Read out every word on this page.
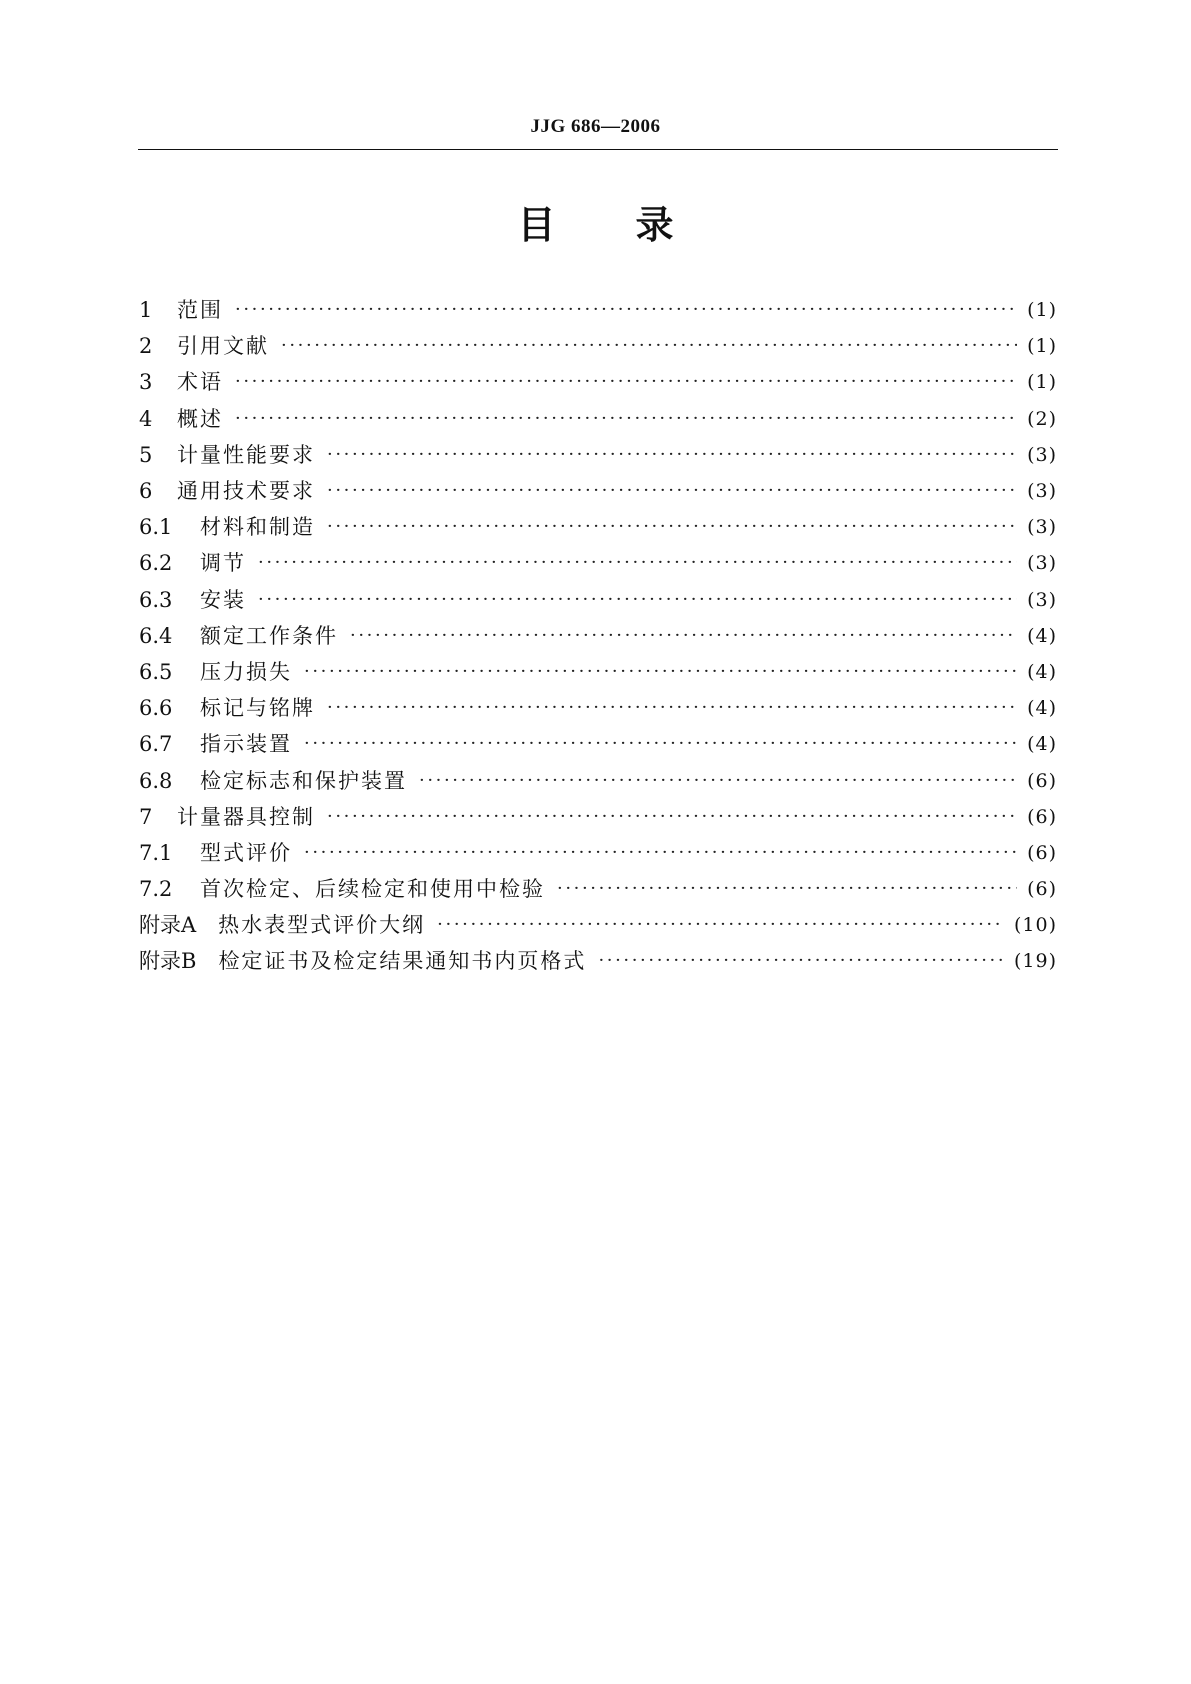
JJG 686—2006
目 录
1	范围 ·····	(1)
2	引用文献 ·····	(1)
3	术语 ·····	(1)
4	概述 ·····	(2)
5	计量性能要求 ·····	(3)
6	通用技术要求 ·····	(3)
6.1	材料和制造 ·····	(3)
6.2	调节 ·····	(3)
6.3	安装 ·····	(3)
6.4	额定工作条件 ·····	(4)
6.5	压力损失 ·····	(4)
6.6	标记与铭牌 ·····	(4)
6.7	指示装置 ·····	(4)
6.8	检定标志和保护装置 ·····	(6)
7	计量器具控制 ·····	(6)
7.1	型式评价 ·····	(6)
7.2	首次检定、后续检定和使用中检验 ·····	(6)
附录A 热水表型式评价大纲 ·····	(10)
附录B 检定证书及检定结果通知书内页格式 ·····	(19)
